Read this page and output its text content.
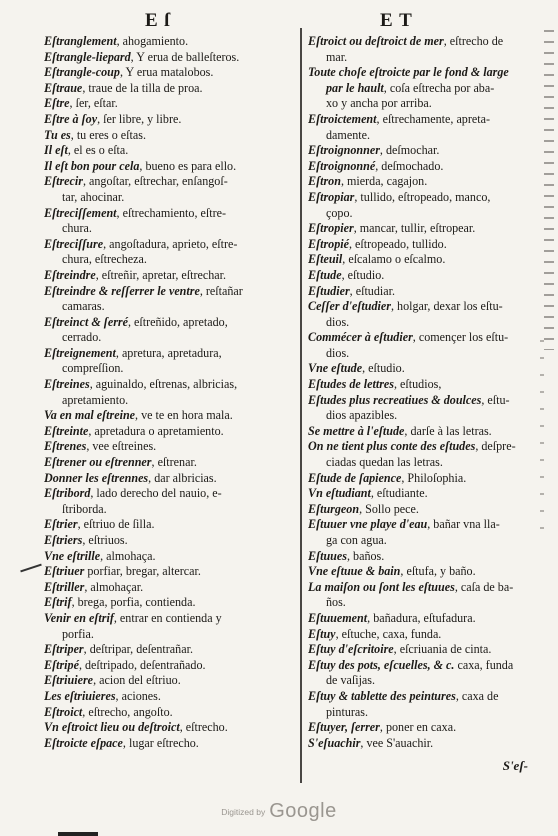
E ſ	E T
Eſtranglement, ahogamiento.
Eſtrangle-liepard, Y erua de balleſteros.
Eſtrangle-coup, Y erua matalobos.
Eſtraue, traue de la tilla de proa.
Eſtre, ſer, eſtar.
Eſtre à ſoy, ſer libre, y libre.
Tu es, tu eres o eſtas.
Il eſt, el es o eſta.
Il eſt bon pour cela, bueno es para ello.
Eſtrecir, angoſtar, eſtrechar, enſangoſ-
tar, ahocinar.
Eſtreciſſement, eſtrechamiento, eſtre-
chura.
Eſtreciſſure, angoſtadura, aprieto, eſtre-
chura, eſtrecheza.
Eſtreindre, eſtreñir, apretar, eſtrechar.
Eſtreindre & reſſerrer le ventre, reſtañar
camaras.
Eſtreinct & ſerré, eſtreñido, apretado,
cerrado.
Eſtreignement, apretura, apretadura,
compreſſion.
Eſtreines, aguinaldo, eſtrenas, albricias,
apretamiento.
Va en mal eſtreine, ve te en hora mala.
Eſtreinte, apretadura o apretamiento.
Eſtrenes, vee eſtreines.
Eſtrener ou eſtrenner, eſtrenar.
Donner les eſtrennes, dar albricias.
Eſtribord, lado derecho del nauio, e-
ſtriborda.
Eſtrier, eſtriuo de ſilla.
Eſtriers, eſtriuos.
Vne eſtrille, almohaça.
Eſtriuer porfiar, bregar, altercar.
Eſtriller, almohaçar.
Eſtrif, brega, porfia, contienda.
Venir en eſtrif, entrar en contienda y
porfia.
Eſtriper, deſtripar, deſentrañar.
Eſtripé, deſtripado, deſentrañado.
Eſtriuiere, acion del eſtriuo.
Les eſtriuieres, aciones.
Eſtroict, eſtrecho, angoſto.
Vn eſtroict lieu ou deſtroict, eſtrecho.
Eſtroicte eſpace, lugar eſtrecho.
Eſtroict ou deſtroict de mer, eſtrecho de
mar.
Toute choſe eſtroicte par le fond & large
par le hault, coſa eſtrecha por aba-
xo y ancha por arriba.
Eſtroictement, eſtrechamente, apreta-
damente.
Eſtroignonner, deſmochar.
Eſtroignonné, deſmochado.
Eſtron, mierda, cagajon.
Eſtropiar, tullido, eſtropeado, manco,
çopo.
Eſtropier, mancar, tullir, eſtropear.
Eſtropié, eſtropeado, tullido.
Eſteuil, eſcalamo o eſcalmo.
Eſtude, eſtudio.
Eſtudier, eſtudiar.
Ceſſer d'eſtudier, holgar, dexar los eſtu-
dios.
Commécer à eſtudier, començer los eſtu-
dios.
Vne eſtude, eſtudio.
Eſtudes de lettres, eſtudios,
Eſtudes plus recreatiues & doulces, eſtu-
dios apazibles.
Se mettre à l'eſtude, darſe à las letras.
On ne tient plus conte des eſtudes, deſpre-
ciadas quedan las letras.
Eſtude de ſapience, Philoſophia.
Vn eſtudiant, eſtudiante.
Eſturgeon, Sollo pece.
Eſtuuer vne playe d'eau, bañar vna lla-
ga con agua.
Eſtuues, baños.
Vne eſtuue & bain, eſtufa, y baño.
La maiſon ou ſont les eſtuues, caſa de ba-
ños.
Eſtuuement, bañadura, eſtufadura.
Eſtuy, eſtuche, caxa, funda.
Eſtuy d'eſcritoire, eſcriuania de cinta.
Eſtuy des pots, eſcuelles, & c. caxa, funda
de vaſijas.
Eſtuy & tablette des peintures, caxa de
pinturas.
Eſtuyer, ſerrer, poner en caxa.
S'eſuachir, vee S'auachir.
S'eſ-
Digitized by Google
